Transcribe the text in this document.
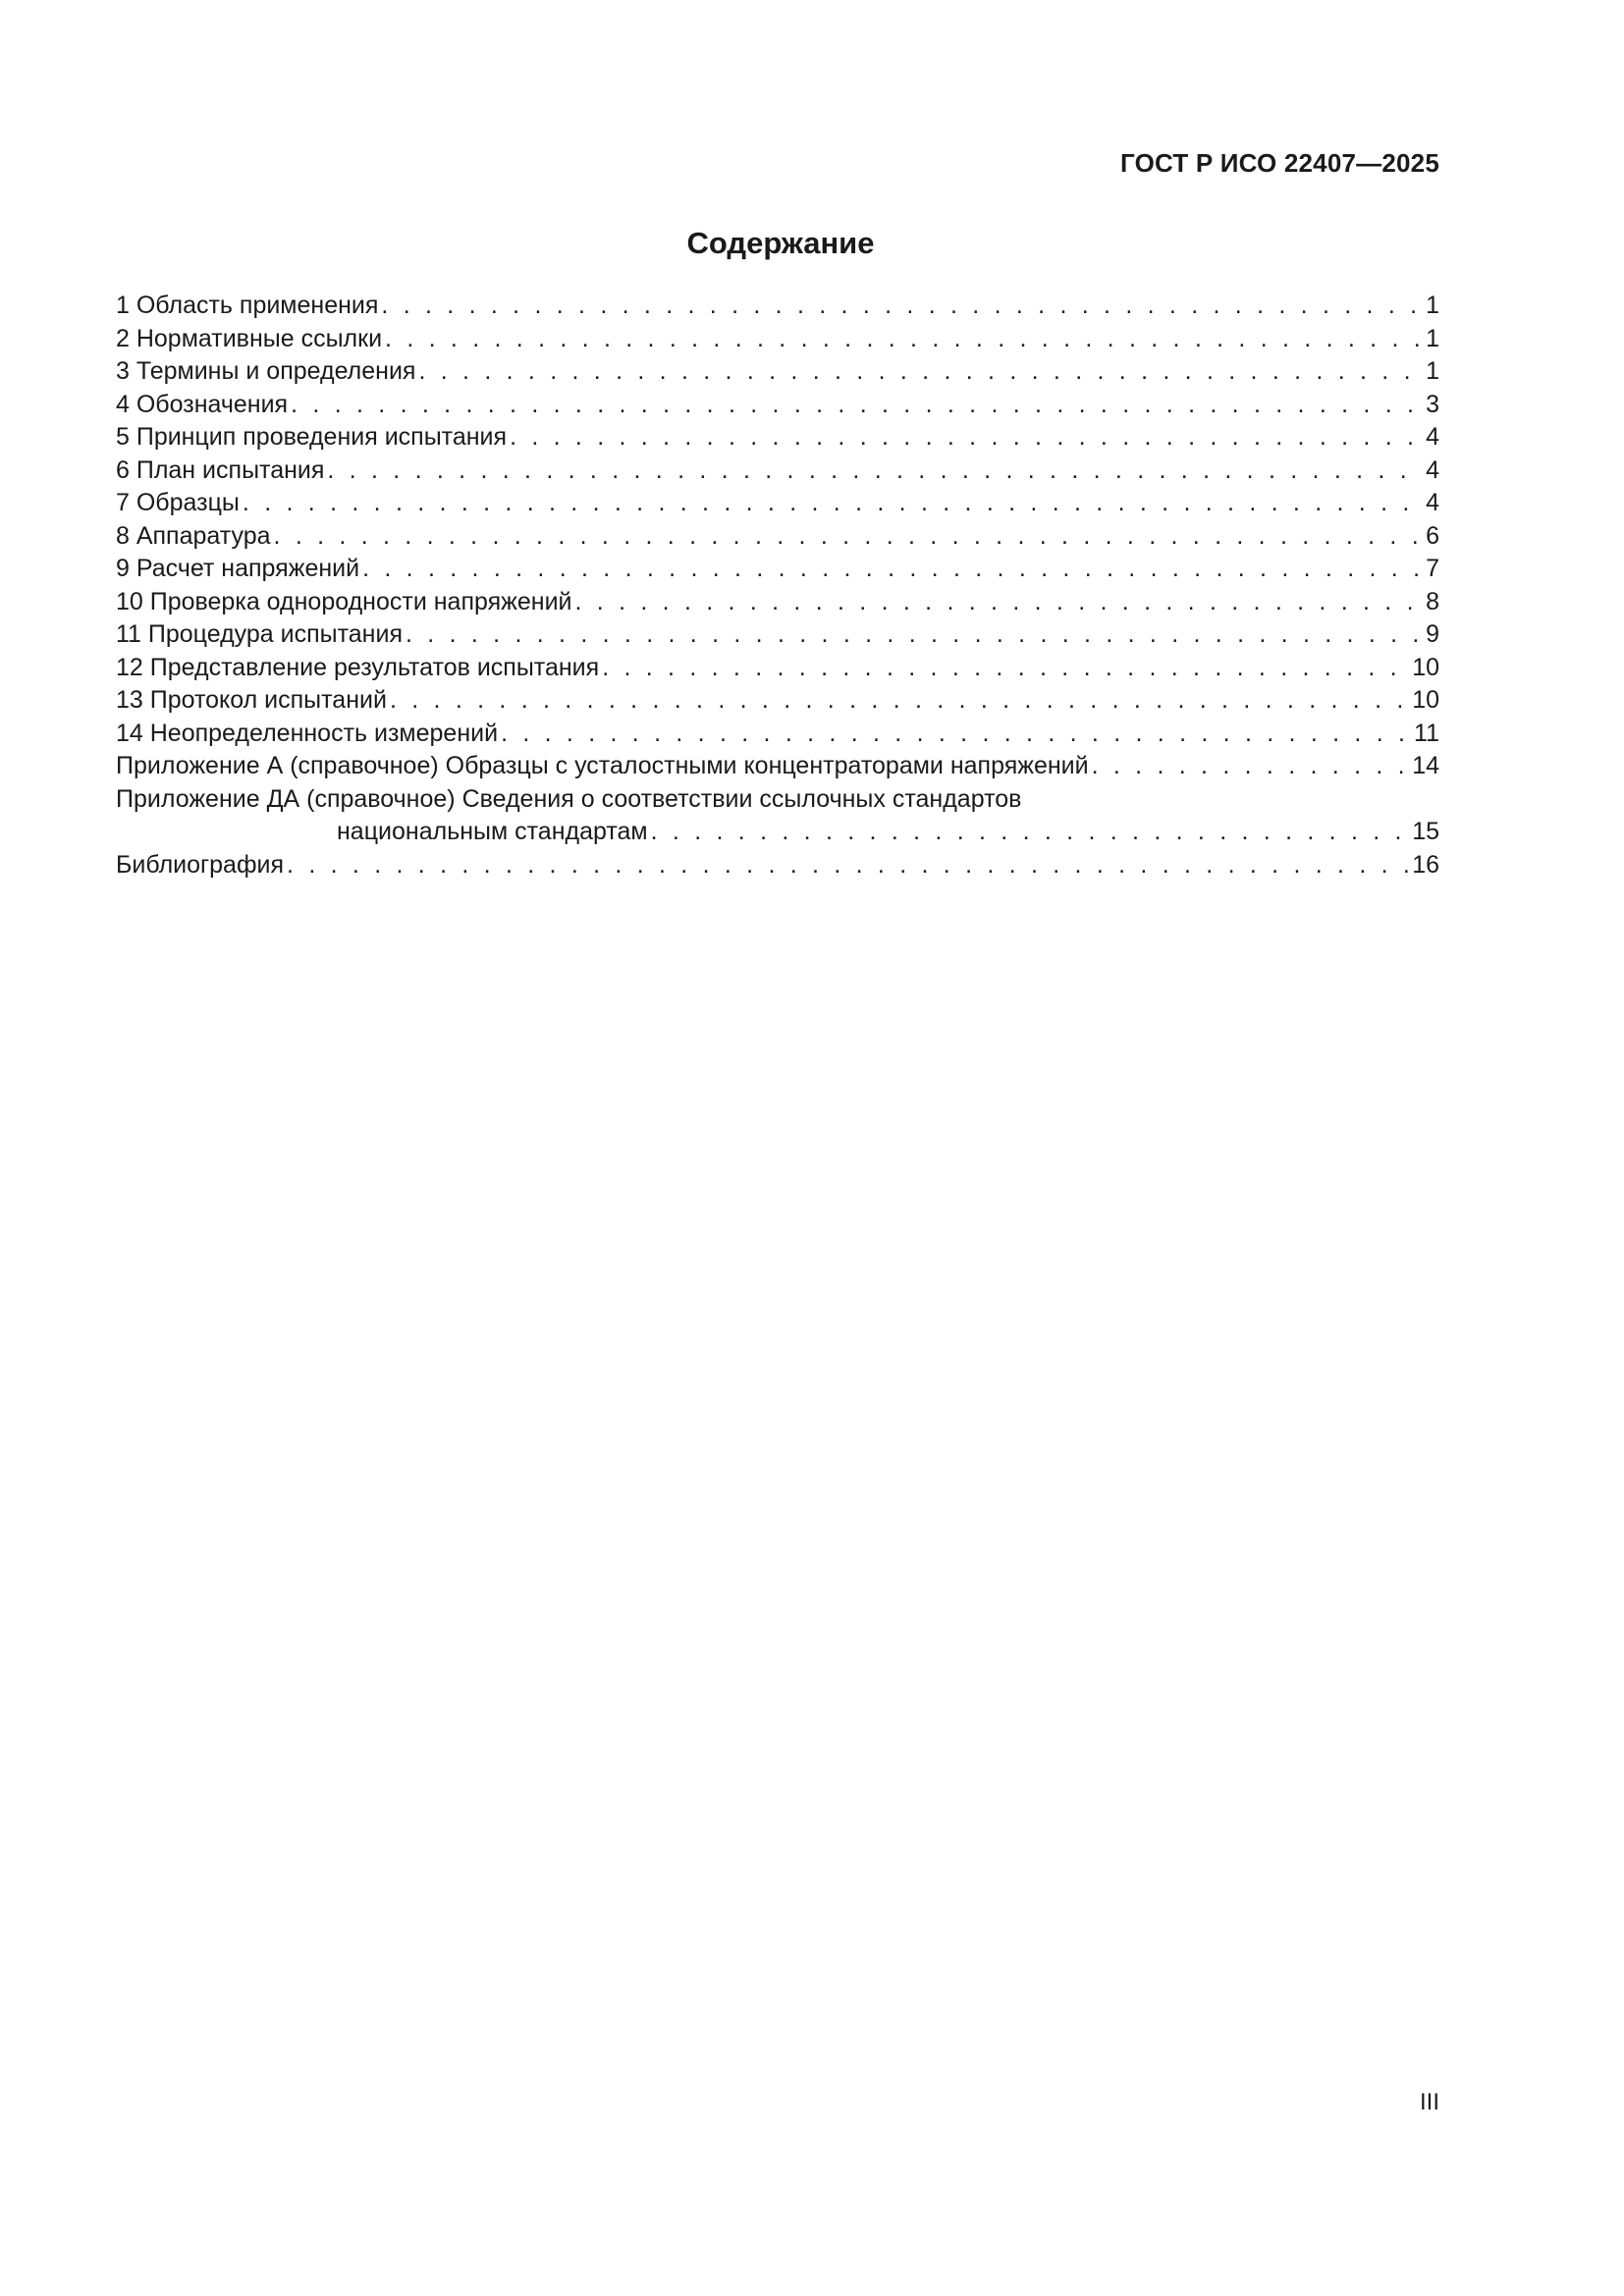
ГОСТ Р ИСО 22407—2025
Содержание
1 Область применения . . .	1
2 Нормативные ссылки . . .	1
3 Термины и определения . . .	1
4 Обозначения . . .	3
5 Принцип проведения испытания . . .	4
6 План испытания . . .	4
7 Образцы . . .	4
8 Аппаратура . . .	6
9 Расчет напряжений . . .	7
10 Проверка однородности напряжений . . .	8
11 Процедура испытания . . .	9
12 Представление результатов испытания . . .	10
13 Протокол испытаний . . .	10
14 Неопределенность измерений . . .	11
Приложение А (справочное) Образцы с усталостными концентраторами напряжений . . .	14
Приложение ДА (справочное) Сведения о соответствии ссылочных стандартов
национальным стандартам . . .	15
Библиография . . .	16
III
